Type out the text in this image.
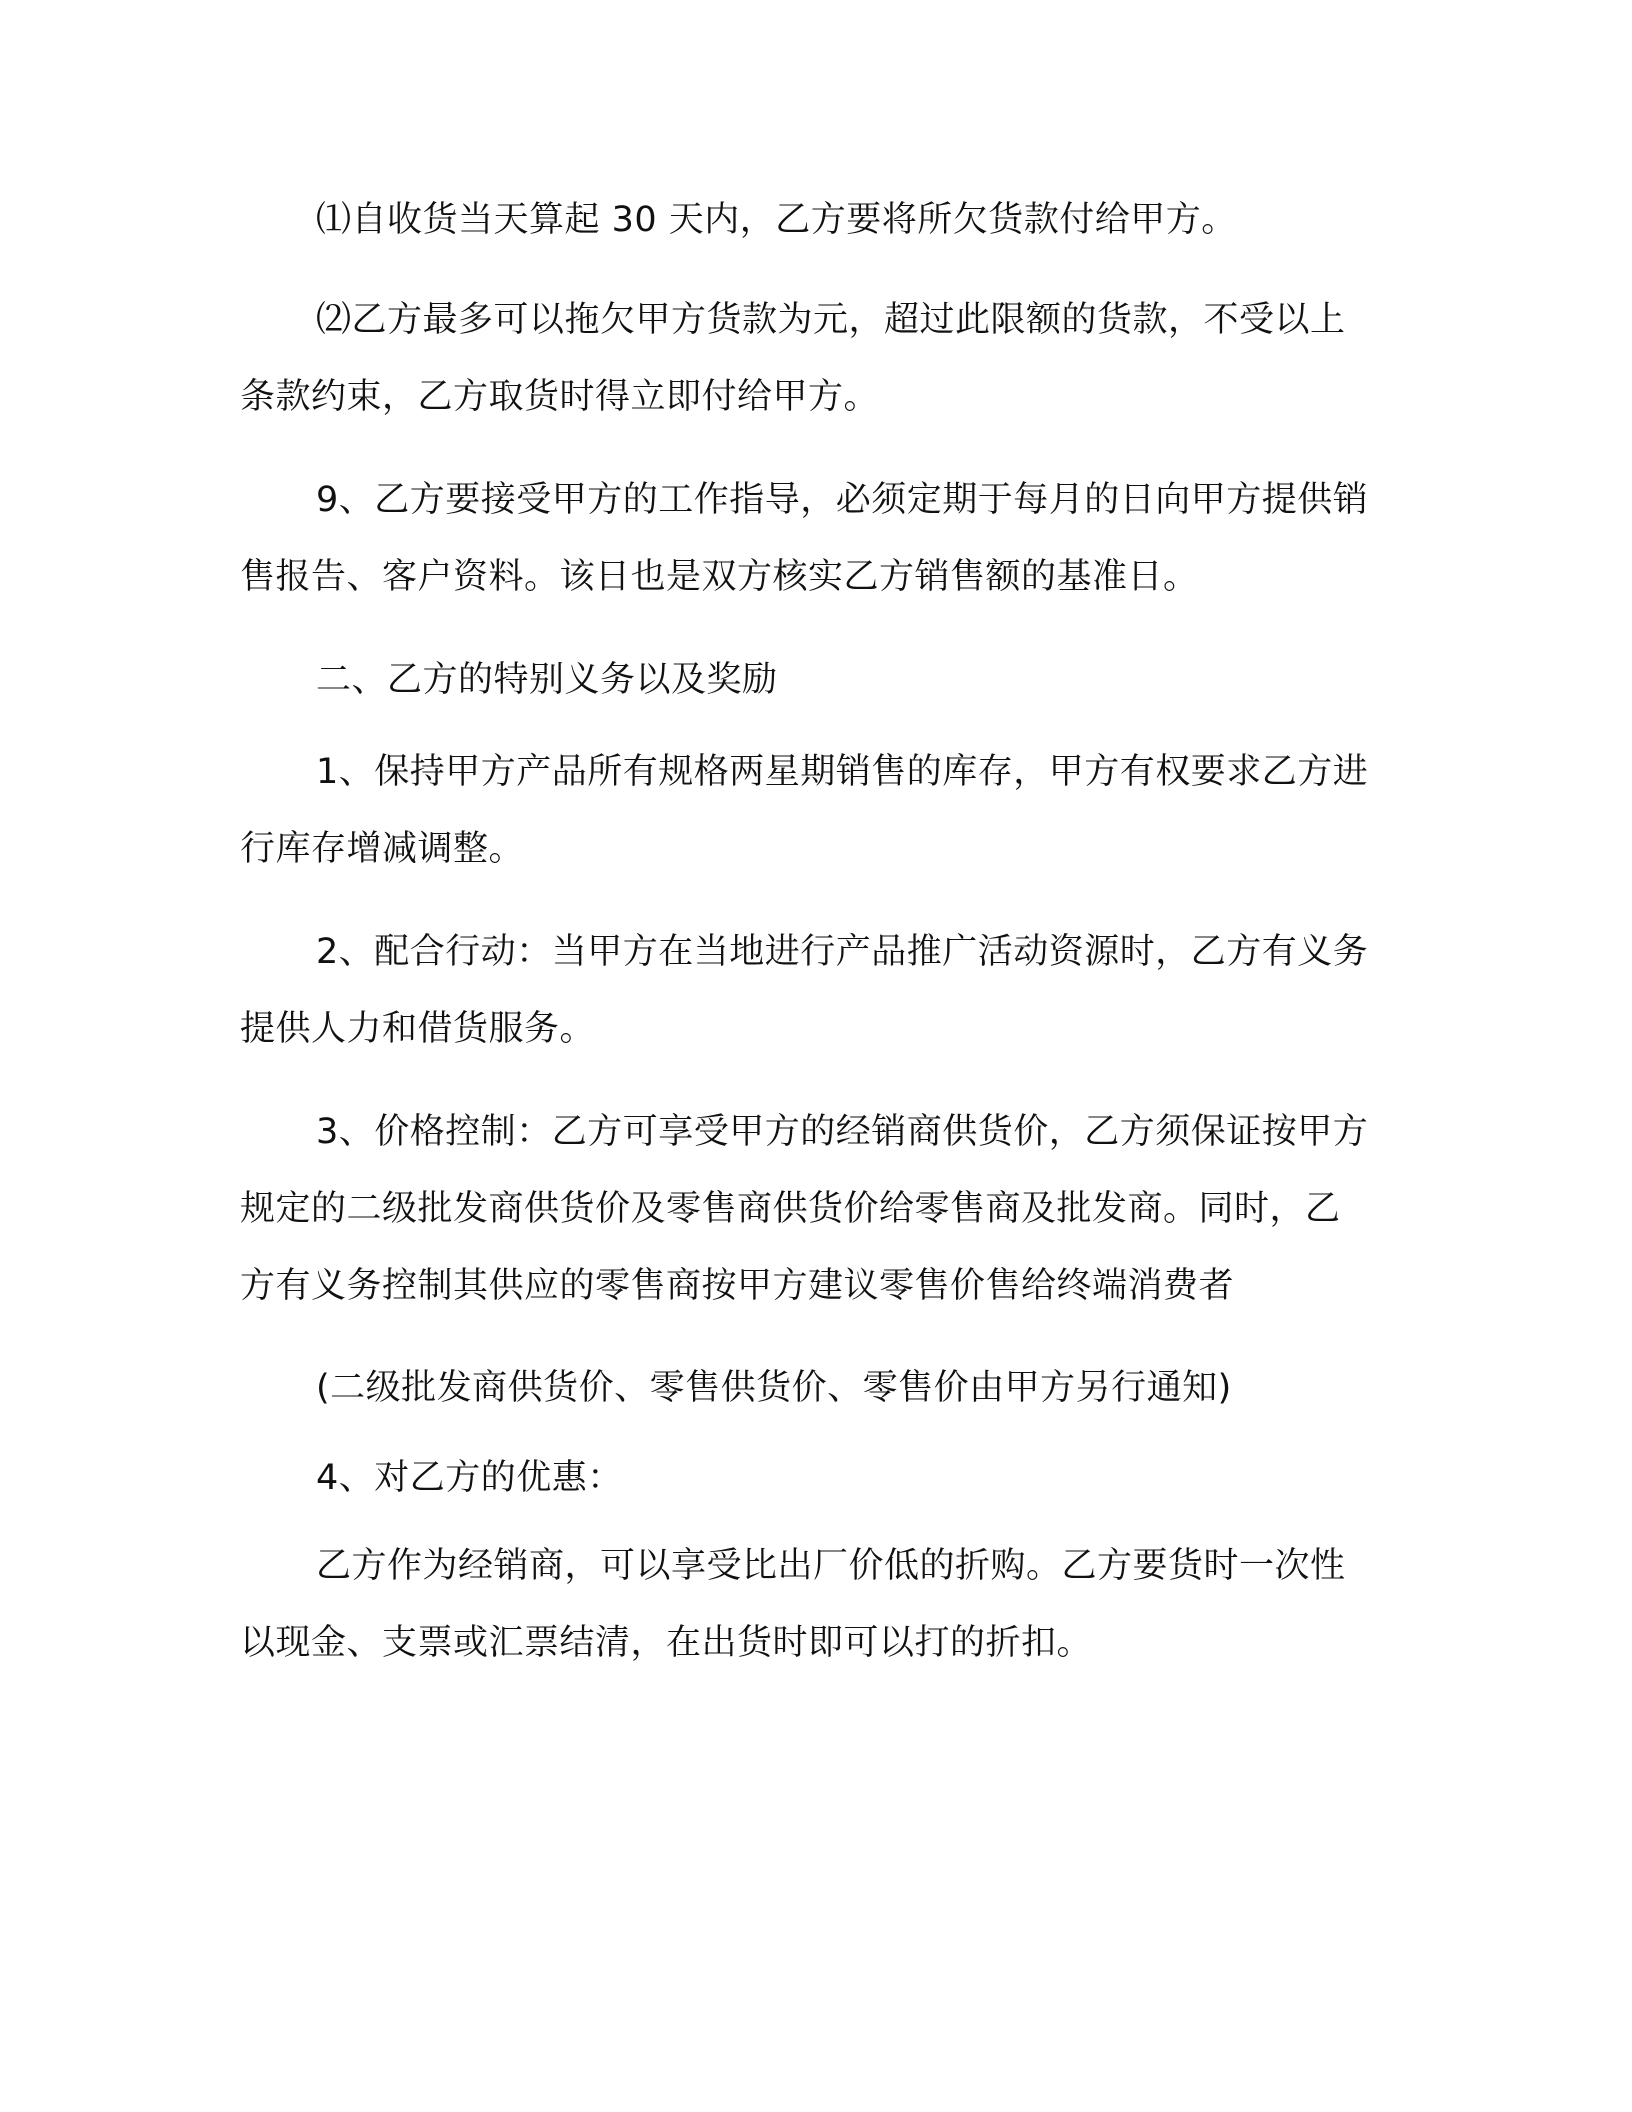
⑴自收货当天算起 30 天内，乙方要将所欠货款付给甲方。

⑵乙方最多可以拖欠甲方货款为元，超过此限额的货款，不受以上条款约束，乙方取货时得立即付给甲方。

9、乙方要接受甲方的工作指导，必须定期于每月的日向甲方提供销售报告、客户资料。该日也是双方核实乙方销售额的基准日。

二、乙方的特别义务以及奖励

1、保持甲方产品所有规格两星期销售的库存，甲方有权要求乙方进行库存增减调整。

2、配合行动：当甲方在当地进行产品推广活动资源时，乙方有义务提供人力和借货服务。

3、价格控制：乙方可享受甲方的经销商供货价，乙方须保证按甲方规定的二级批发商供货价及零售商供货价给零售商及批发商。同时，乙方有义务控制其供应的零售商按甲方建议零售价售给终端消费者

(二级批发商供货价、零售供货价、零售价由甲方另行通知)

4、对乙方的优惠：

乙方作为经销商，可以享受比出厂价低的折购。乙方要货时一次性以现金、支票或汇票结清，在出货时即可以打的折扣。
